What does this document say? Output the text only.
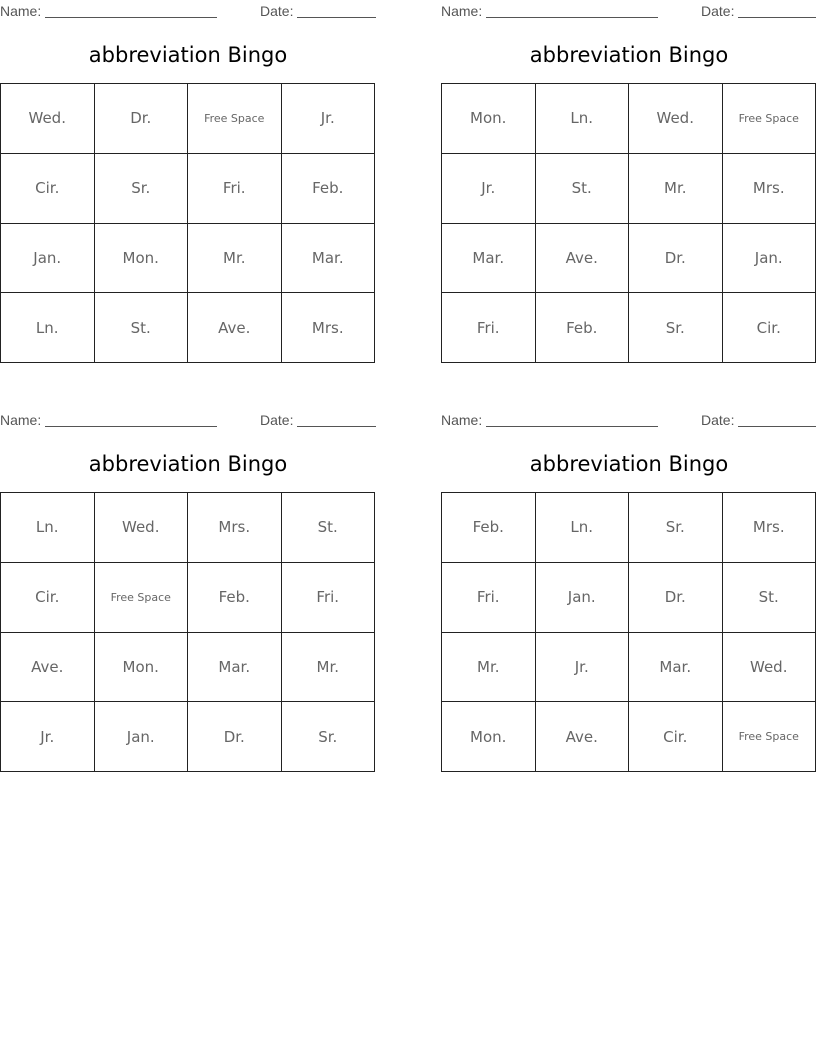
Name:	Date:
abbreviation Bingo
Wed.	Dr.	Free Space	Jr.
Cir.	Sr.	Fri.	Feb.
Jan.	Mon.	Mr.	Mar.
Ln.	St.	Ave.	Mrs.
Name:	Date:
abbreviation Bingo
Mon.	Ln.	Wed.	Free Space
Jr.	St.	Mr.	Mrs.
Mar.	Ave.	Dr.	Jan.
Fri.	Feb.	Sr.	Cir.
Name:	Date:
abbreviation Bingo
Ln.	Wed.	Mrs.	St.
Cir.	Free Space	Feb.	Fri.
Ave.	Mon.	Mar.	Mr.
Jr.	Jan.	Dr.	Sr.
Name:	Date:
abbreviation Bingo
Feb.	Ln.	Sr.	Mrs.
Fri.	Jan.	Dr.	St.
Mr.	Jr.	Mar.	Wed.
Mon.	Ave.	Cir.	Free Space
